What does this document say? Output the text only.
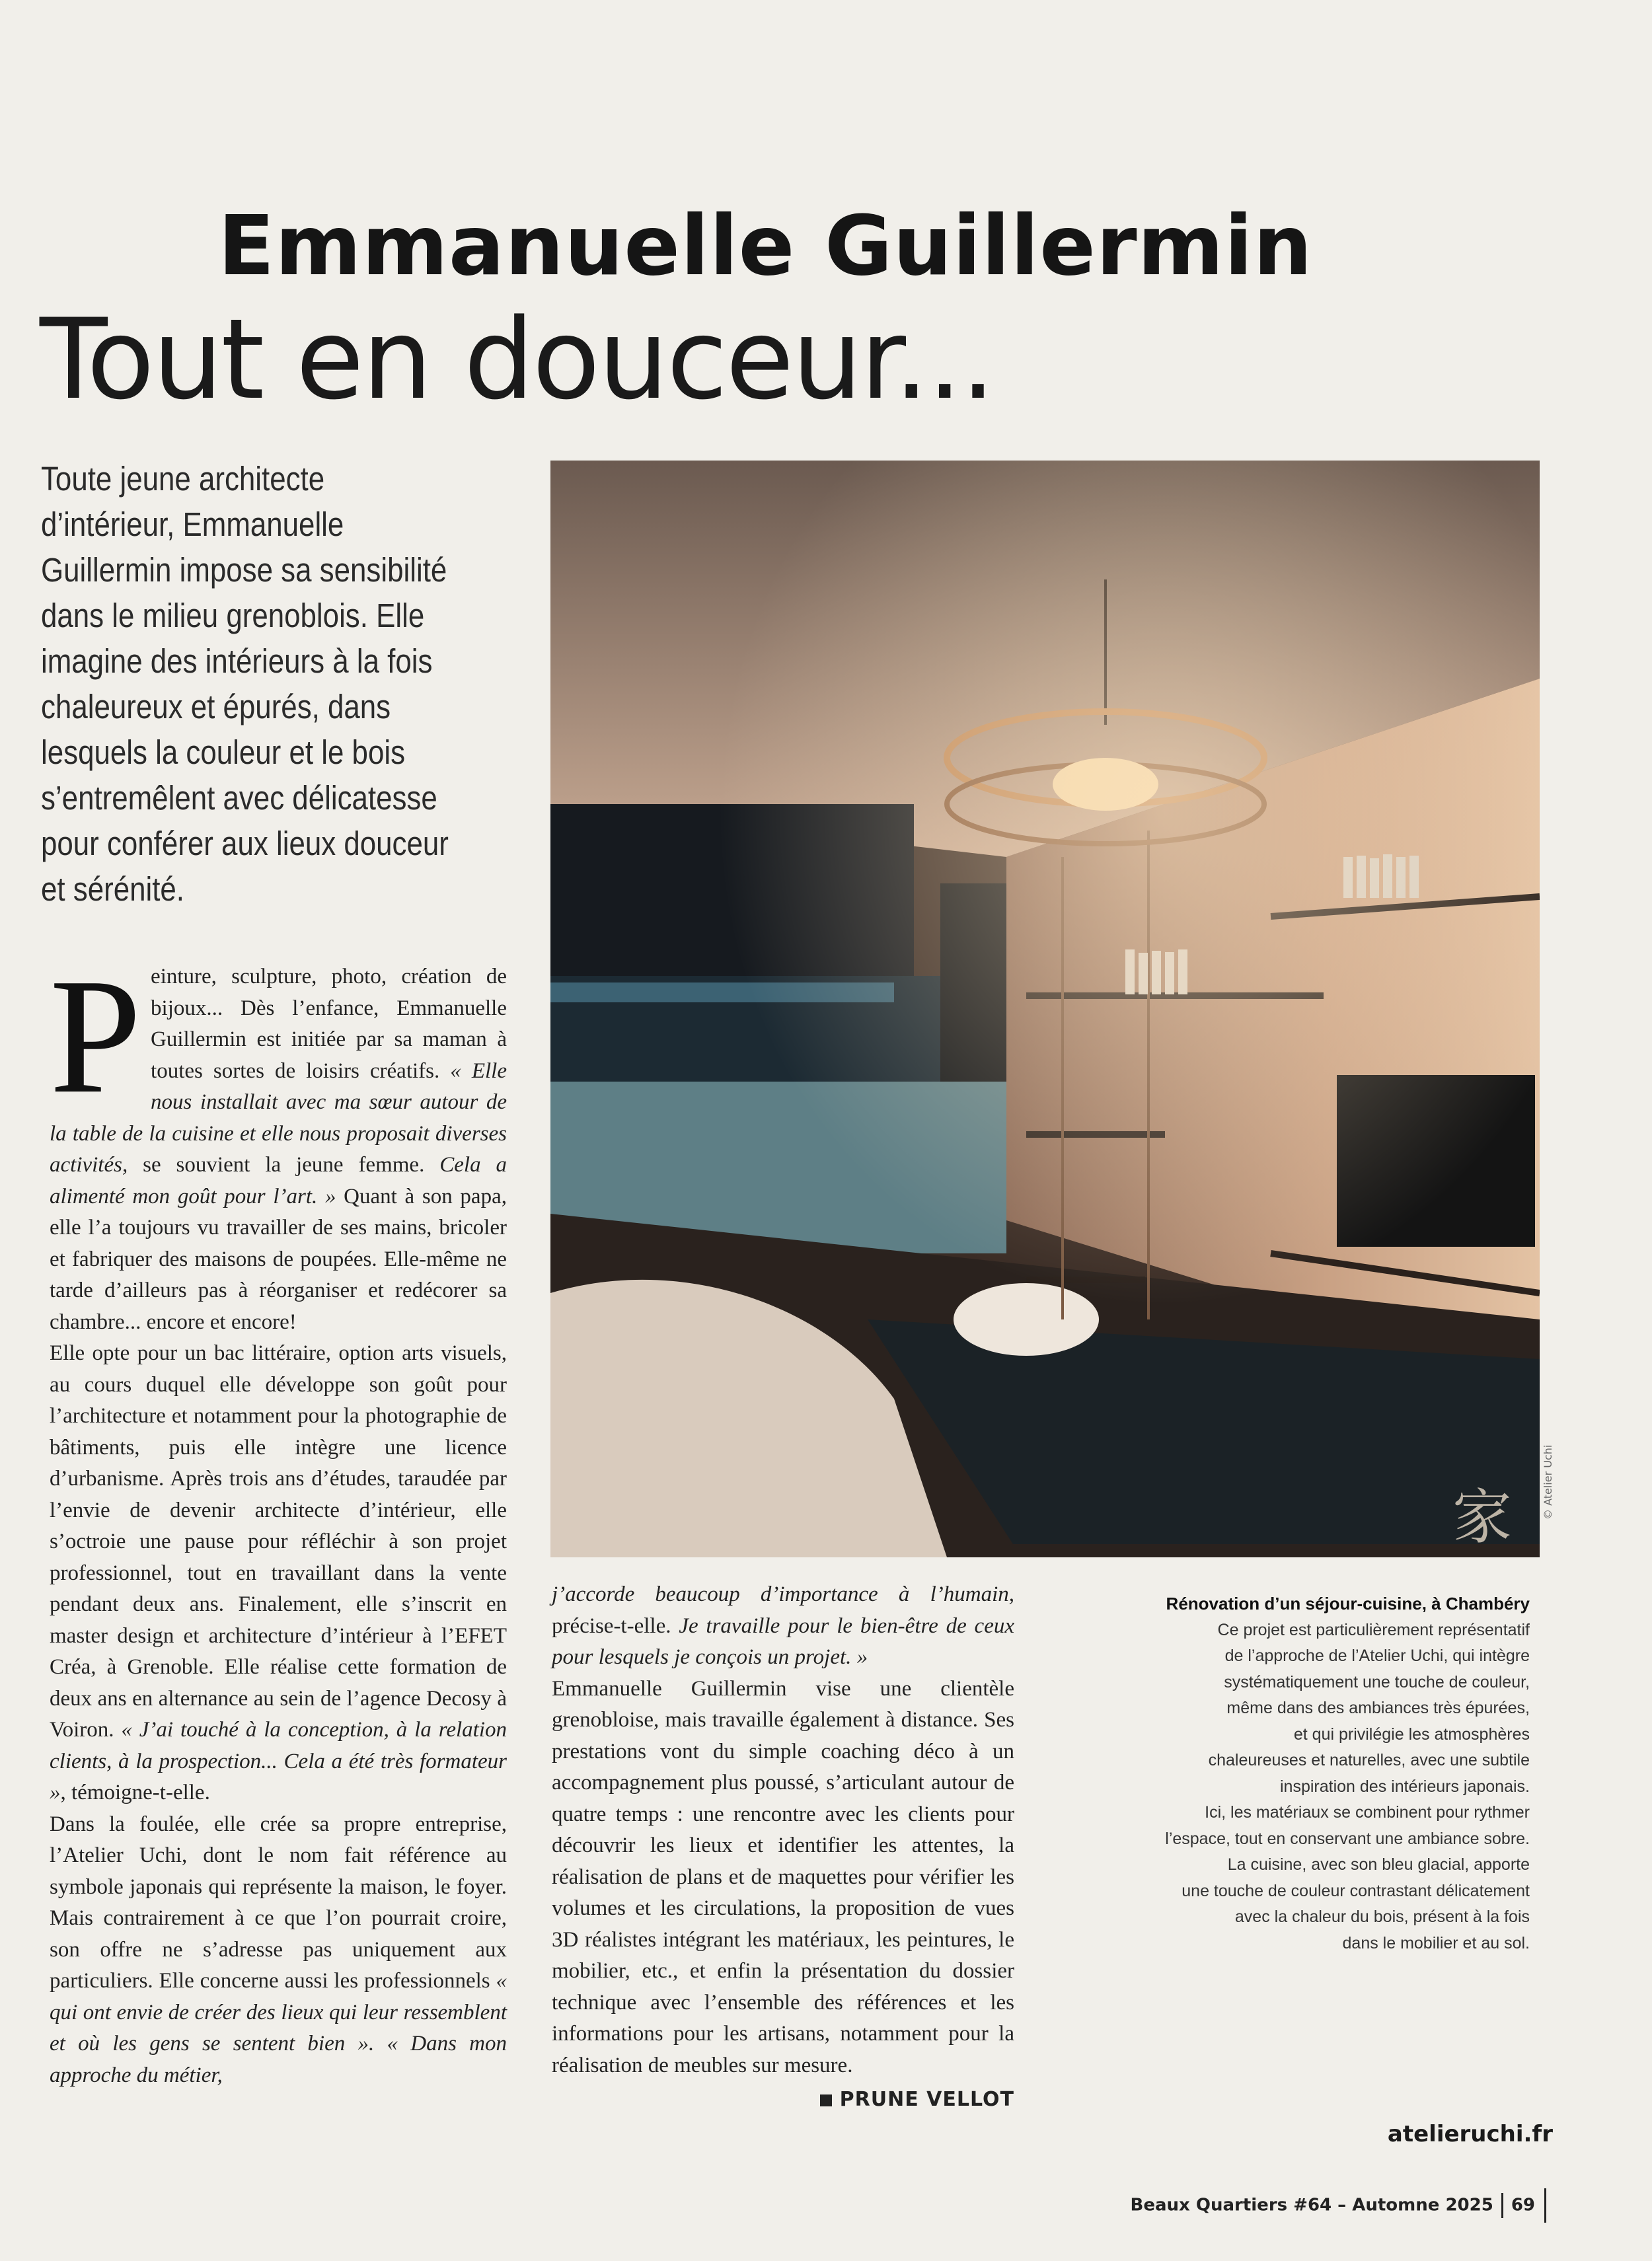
Emmanuelle Guillermin
Tout en douceur...

Toute jeune architecte d’intérieur, Emmanuelle Guillermin impose sa sensibilité dans le milieu grenoblois. Elle imagine des intérieurs à la fois chaleureux et épurés, dans lesquels la couleur et le bois s’entremêlent avec délicatesse pour conférer aux lieux douceur et sérénité.

Peinture, sculpture, photo, création de bijoux... Dès l’enfance, Emmanuelle Guillermin est initiée par sa maman à toutes sortes de loisirs créatifs. « Elle nous installait avec ma sœur autour de la table de la cuisine et elle nous proposait diverses activités, se souvient la jeune femme. Cela a alimenté mon goût pour l’art. » Quant à son papa, elle l’a toujours vu travailler de ses mains, bricoler et fabriquer des maisons de poupées. Elle-même ne tarde d’ailleurs pas à réorganiser et redécorer sa chambre... encore et encore!

Elle opte pour un bac littéraire, option arts visuels, au cours duquel elle développe son goût pour l’architecture et notamment pour la photographie de bâtiments, puis elle intègre une licence d’urbanisme. Après trois ans d’études, taraudée par l’envie de devenir architecte d’intérieur, elle s’octroie une pause pour réfléchir à son projet professionnel, tout en travaillant dans la vente pendant deux ans. Finalement, elle s’inscrit en master design et architecture d’intérieur à l’EFET Créa, à Grenoble. Elle réalise cette formation de deux ans en alternance au sein de l’agence Decosy à Voiron. « J’ai touché à la conception, à la relation clients, à la prospection... Cela a été très formateur », témoigne-t-elle.

Dans la foulée, elle crée sa propre entreprise, l’Atelier Uchi, dont le nom fait référence au symbole japonais qui représente la maison, le foyer. Mais contrairement à ce que l’on pourrait croire, son offre ne s’adresse pas uniquement aux particuliers. Elle concerne aussi les professionnels « qui ont envie de créer des lieux qui leur ressemblent et où les gens se sentent bien ». « Dans mon approche du métier,

家	© Atelier Uchi

j’accorde beaucoup d’importance à l’humain, précise-t-elle. Je travaille pour le bien-être de ceux pour lesquels je conçois un projet. »

Emmanuelle Guillermin vise une clientèle grenobloise, mais travaille également à distance. Ses prestations vont du simple coaching déco à un accompagnement plus poussé, s’articulant autour de quatre temps : une rencontre avec les clients pour découvrir les lieux et identifier les attentes, la réalisation de plans et de maquettes pour vérifier les volumes et les circulations, la proposition de vues 3D réalistes intégrant les matériaux, les peintures, le mobilier, etc., et enfin la présentation du dossier technique avec l’ensemble des références et les informations pour les artisans, notamment pour la réalisation de meubles sur mesure.
PRUNE VELLOT

Rénovation d’un séjour-cuisine, à Chambéry

Ce projet est particulièrement représentatif

de l’approche de l’Atelier Uchi, qui intègre

systématiquement une touche de couleur,

même dans des ambiances très épurées,

et qui privilégie les atmosphères

chaleureuses et naturelles, avec une subtile

inspiration des intérieurs japonais.

Ici, les matériaux se combinent pour rythmer

l’espace, tout en conservant une ambiance sobre.

La cuisine, avec son bleu glacial, apporte

une touche de couleur contrastant délicatement

avec la chaleur du bois, présent à la fois

dans le mobilier et au sol.

atelieruchi.fr
Beaux Quartiers #64 – Automne 2025 69
